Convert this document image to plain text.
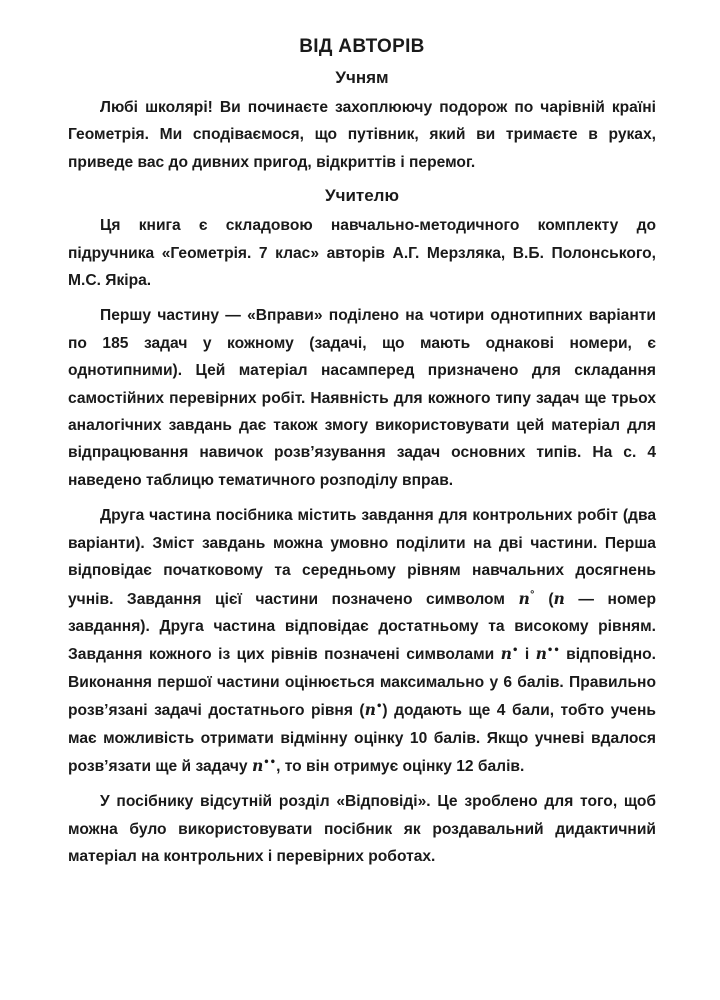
ВІД АВТОРІВ
Учням

Любі школярі! Ви починаєте захоплюючу подорож по чарівній країні Геометрія. Ми сподіваємося, що путівник, який ви тримаєте в руках, приведе вас до дивних пригод, відкриттів і перемог.

Учителю

Ця книга є складовою навчально-методичного комплекту до підручника «Геометрія. 7 клас» авторів А.Г. Мерзляка, В.Б. Полонського, М.С. Якіра.

Першу частину — «Вправи» поділено на чотири однотипних варіанти по 185 задач у кожному (задачі, що мають однакові номери, є однотипними). Цей матеріал насамперед призначено для складання самостійних перевірних робіт. Наявність для кожного типу задач ще трьох аналогічних завдань дає також змогу використовувати цей матеріал для відпрацювання навичок розв’язування задач основних типів. На с. 4 наведено таблицю тематичного розподілу вправ.

Друга частина посібника містить завдання для контрольних робіт (два варіанти). Зміст завдань можна умовно поділити на дві частини. Перша відповідає початковому та середньому рівням навчальних досягнень учнів. Завдання цієї частини позначено символом n° (n — номер завдання). Друга частина відповідає достатньому та високому рівням. Завдання кожного із цих рівнів позначені символами n• і n•• відповідно. Виконання першої частини оцінюється максимально у 6 балів. Правильно розв’язані задачі достатнього рівня (n•) додають ще 4 бали, тобто учень має можливість отримати відмінну оцінку 10 балів. Якщо учневі вдалося розв’язати ще й задачу n••, то він отримує оцінку 12 балів.

У посібнику відсутній розділ «Відповіді». Це зроблено для того, щоб можна було використовувати посібник як роздавальний дидактичний матеріал на контрольних і перевірних роботах.
